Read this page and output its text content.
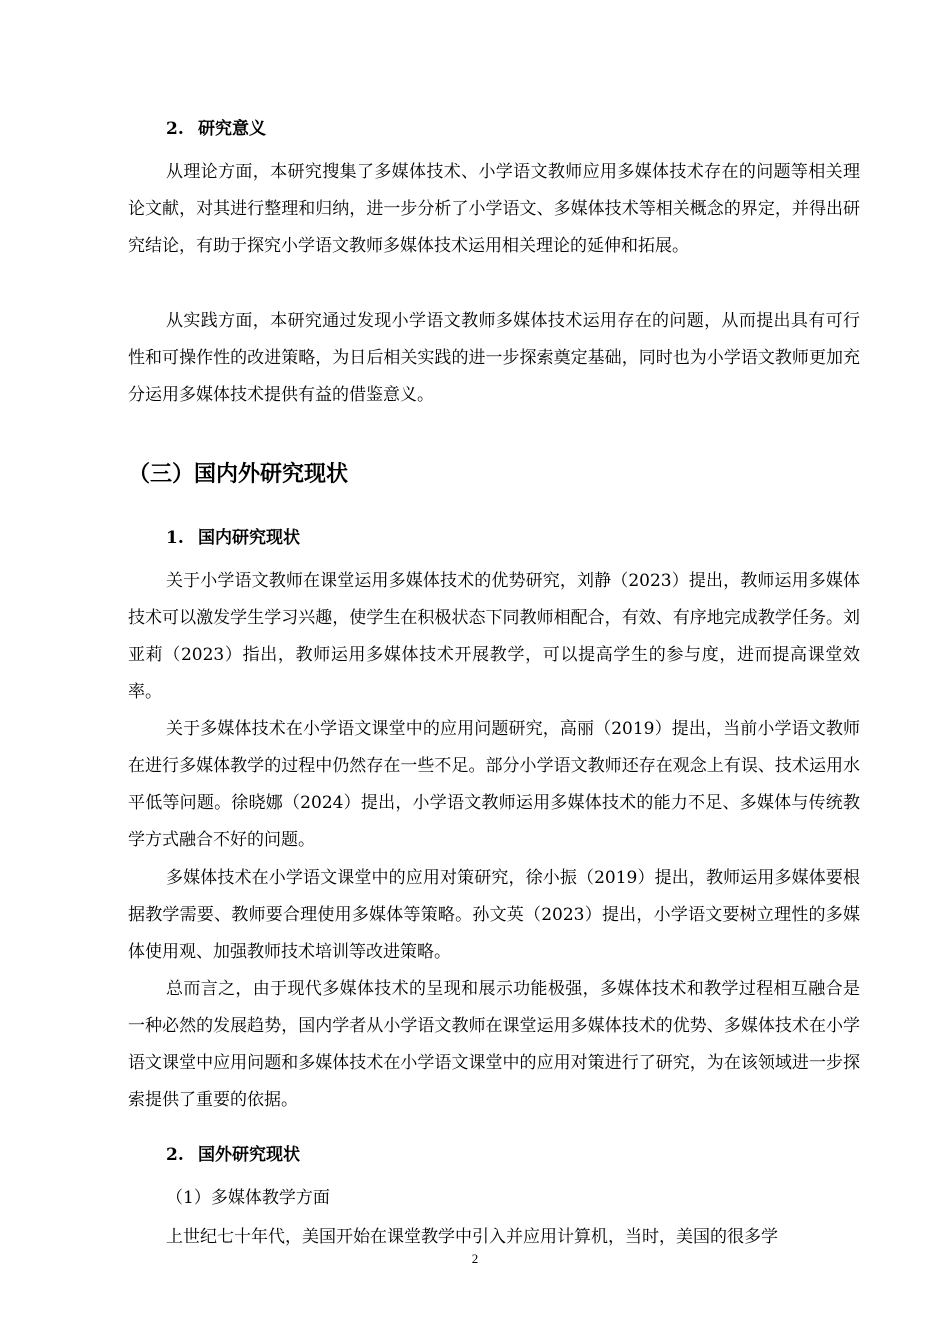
2. 研究意义

从理论方面，本研究搜集了多媒体技术、小学语文教师应用多媒体技术存在的问题等相关理论文献，对其进行整理和归纳，进一步分析了小学语文、多媒体技术等相关概念的界定，并得出研究结论，有助于探究小学语文教师多媒体技术运用相关理论的延伸和拓展。

从实践方面，本研究通过发现小学语文教师多媒体技术运用存在的问题，从而提出具有可行性和可操作性的改进策略，为日后相关实践的进一步探索奠定基础，同时也为小学语文教师更加充分运用多媒体技术提供有益的借鉴意义。

（三）国内外研究现状
1. 国内研究现状

关于小学语文教师在课堂运用多媒体技术的优势研究，刘静（2023）提出，教师运用多媒体技术可以激发学生学习兴趣，使学生在积极状态下同教师相配合，有效、有序地完成教学任务。刘亚莉（2023）指出，教师运用多媒体技术开展教学，可以提高学生的参与度，进而提高课堂效率。

关于多媒体技术在小学语文课堂中的应用问题研究，高丽（2019）提出，当前小学语文教师在进行多媒体教学的过程中仍然存在一些不足。部分小学语文教师还存在观念上有误、技术运用水平低等问题。徐晓娜（2024）提出，小学语文教师运用多媒体技术的能力不足、多媒体与传统教学方式融合不好的问题。

多媒体技术在小学语文课堂中的应用对策研究，徐小振（2019）提出，教师运用多媒体要根据教学需要、教师要合理使用多媒体等策略。孙文英（2023）提出，小学语文要树立理性的多媒体使用观、加强教师技术培训等改进策略。

总而言之，由于现代多媒体技术的呈现和展示功能极强，多媒体技术和教学过程相互融合是一种必然的发展趋势，国内学者从小学语文教师在课堂运用多媒体技术的优势、多媒体技术在小学语文课堂中应用问题和多媒体技术在小学语文课堂中的应用对策进行了研究，为在该领域进一步探索提供了重要的依据。

2. 国外研究现状

（1）多媒体教学方面

上世纪七十年代，美国开始在课堂教学中引入并应用计算机，当时，美国的很多学

2
